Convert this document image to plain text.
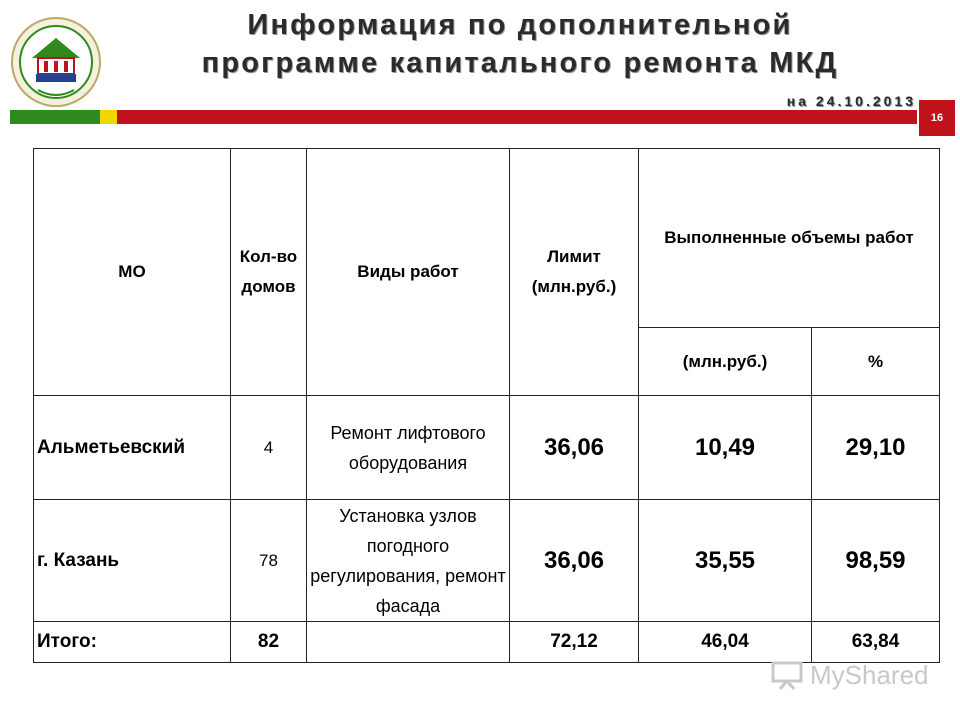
Информация по дополнительной
программе капитального ремонта МКД
на 24.10.2013
16
МО	Кол-во домов	Виды работ	Лимит (млн.руб.)	Выполненные объемы работ	
				(млн.руб.)	%
Альметьевский	4	Ремонт лифтового оборудования	36,06	10,49	29,10
г. Казань	78	Установка узлов погодного регулирования, ремонт фасада	36,06	35,55	98,59
Итого:	82		72,12	46,04	63,84
MyShared
